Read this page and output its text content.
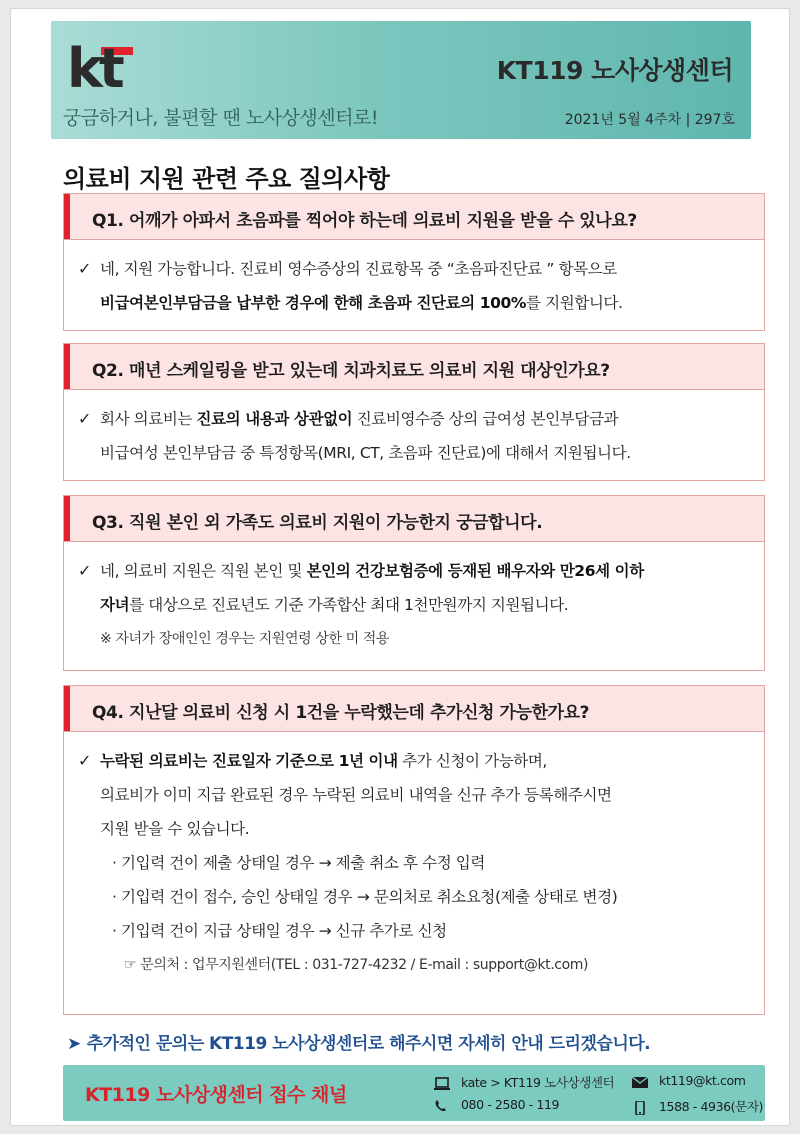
kt	KT119 노사상생센터
궁금하거나, 불편할 땐 노사상생센터로!	2021년 5월 4주차 | 297호
의료비 지원 관련 주요 질의사항
Q1. 어깨가 아파서 초음파를 찍어야 하는데 의료비 지원을 받을 수 있나요?
✓ 네, 지원 가능합니다. 진료비 영수증상의 진료항목 중 “초음파진단료 ” 항목으로
비급여본인부담금을 납부한 경우에 한해 초음파 진단료의 100%를 지원합니다.
Q2. 매년 스케일링을 받고 있는데 치과치료도 의료비 지원 대상인가요?
✓ 회사 의료비는 진료의 내용과 상관없이 진료비영수증 상의 급여성 본인부담금과
비급여성 본인부담금 중 특정항목(MRI, CT, 초음파 진단료)에 대해서 지원됩니다.
Q3. 직원 본인 외 가족도 의료비 지원이 가능한지 궁금합니다.
✓ 네, 의료비 지원은 직원 본인 및 본인의 건강보험증에 등재된 배우자와 만26세 이하
자녀를 대상으로 진료년도 기준 가족합산 최대 1천만원까지 지원됩니다.
※ 자녀가 장애인인 경우는 지원연령 상한 미 적용
Q4. 지난달 의료비 신청 시 1건을 누락했는데 추가신청 가능한가요?
✓ 누락된 의료비는 진료일자 기준으로 1년 이내 추가 신청이 가능하며,
의료비가 이미 지급 완료된 경우 누락된 의료비 내역을 신규 추가 등록해주시면
지원 받을 수 있습니다.
· 기입력 건이 제출 상태일 경우 → 제출 취소 후 수정 입력
· 기입력 건이 접수, 승인 상태일 경우 → 문의처로 취소요청(제출 상태로 변경)
· 기입력 건이 지급 상태일 경우 → 신규 추가로 신청
☞ 문의처 : 업무지원센터(TEL : 031-727-4232 / E-mail : support@kt.com)
➤ 추가적인 문의는 KT119 노사상생센터로 해주시면 자세히 안내 드리겠습니다.
KT119 노사상생센터 접수 채널
kate > KT119 노사상생센터	kt119@kt.com
080 - 2580 - 119	1588 - 4936(문자)
